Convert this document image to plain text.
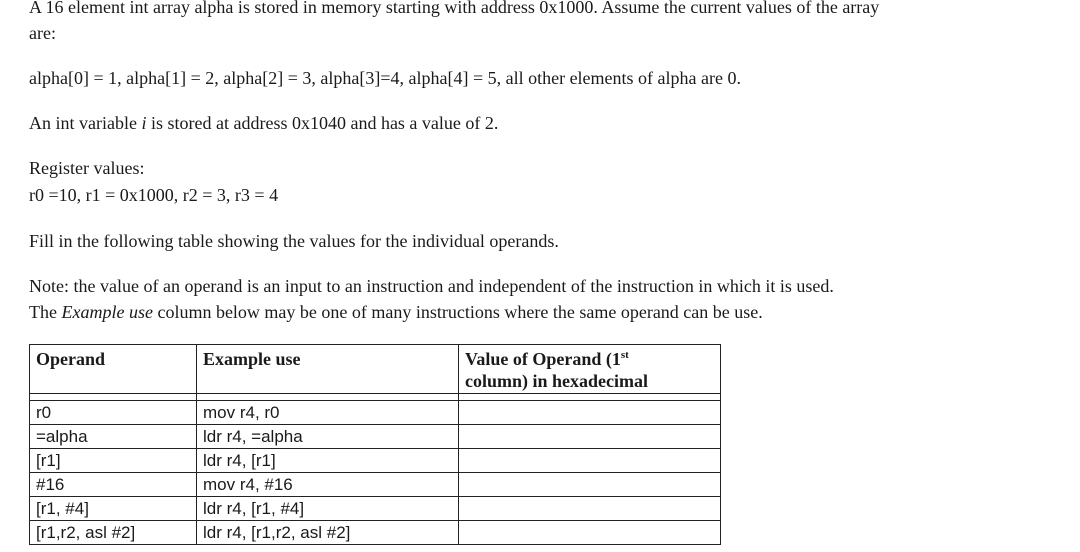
A 16 element int array alpha is stored in memory starting with address 0x1000. Assume the current values of the array
are:
alpha[0] = 1, alpha[1] = 2, alpha[2] = 3, alpha[3]=4, alpha[4] = 5, all other elements of alpha are 0.
An int variable i is stored at address 0x1040 and has a value of 2.
Register values:
r0 =10, r1 = 0x1000, r2 = 3, r3 = 4
Fill in the following table showing the values for the individual operands.
Note: the value of an operand is an input to an instruction and independent of the instruction in which it is used.
The Example use column below may be one of many instructions where the same operand can be use.
Operand	Example use	Value of Operand (1st
column) in hexadecimal

r0	mov r4, r0	
=alpha	ldr r4, =alpha	
[r1]	ldr r4, [r1]	
#16	mov r4, #16	
[r1, #4]	ldr r4, [r1, #4]	
[r1,r2, asl #2]	ldr r4, [r1,r2, asl #2]	
